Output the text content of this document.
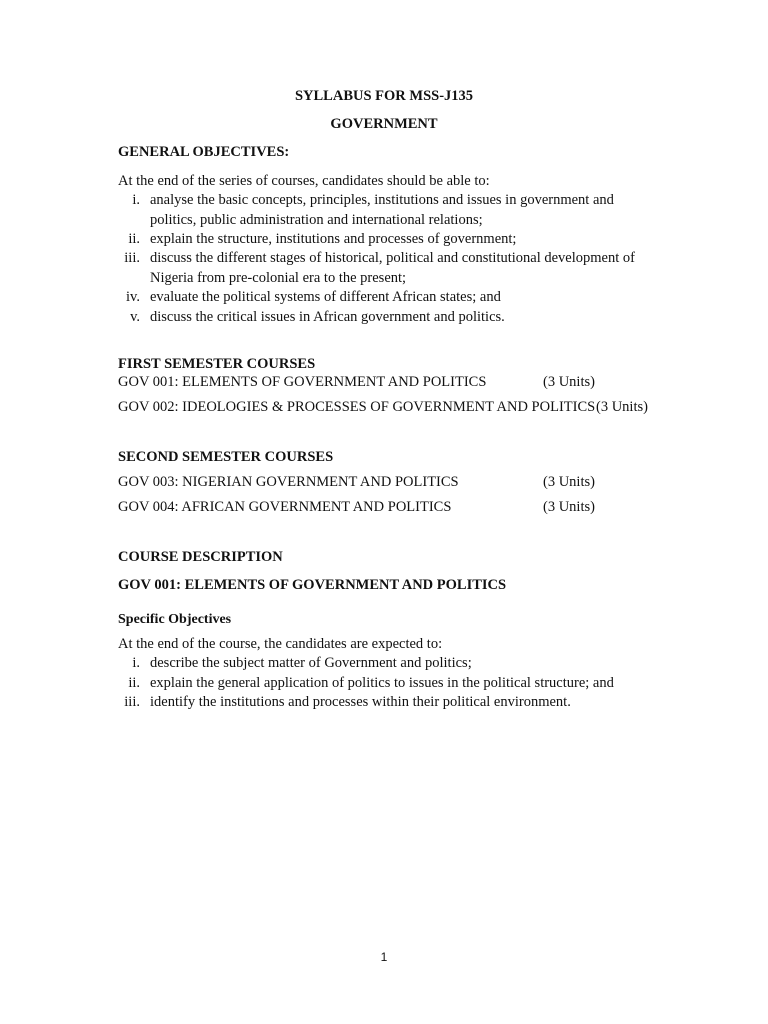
SYLLABUS FOR MSS-J135
GOVERNMENT
GENERAL OBJECTIVES:
At the end of the series of courses, candidates should be able to:
i. analyse the basic concepts, principles, institutions and issues in government and
politics, public administration and international relations;
ii. explain the structure, institutions and processes of government;
iii. discuss the different stages of historical, political and constitutional development of
Nigeria from pre-colonial era to the present;
iv. evaluate the political systems of different African states; and
v. discuss the critical issues in African government and politics.
FIRST SEMESTER COURSES
GOV 001: ELEMENTS OF GOVERNMENT AND POLITICS	(3 Units)
GOV 002: IDEOLOGIES & PROCESSES OF GOVERNMENT AND POLITICS (3 Units)
SECOND SEMESTER COURSES
GOV 003: NIGERIAN GOVERNMENT AND POLITICS	(3 Units)
GOV 004: AFRICAN GOVERNMENT AND POLITICS	(3 Units)
COURSE DESCRIPTION
GOV 001: ELEMENTS OF GOVERNMENT AND POLITICS
Specific Objectives
At the end of the course, the candidates are expected to:
i. describe the subject matter of Government and politics;
ii. explain the general application of politics to issues in the political structure; and
iii. identify the institutions and processes within their political environment.
1
